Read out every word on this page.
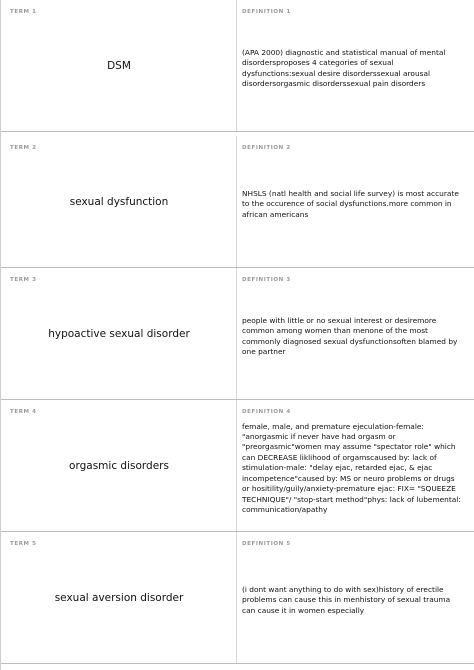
TERM 1	DEFINITION 1
DSM
(APA 2000) diagnostic and statistical manual of mental disordersproposes 4 categories of sexual dysfunctions:sexual desire disorderssexual arousal disordersorgasmic disorderssexual pain disorders
TERM 2	DEFINITION 2
sexual dysfunction
NHSLS (natl health and social life survey) is most accurate to the occurence of social dysfunctions.more common in african americans
TERM 3	DEFINITION 3
hypoactive sexual disorder
people with little or no sexual interest or desiremore common among women than menone of the most commonly diagnosed sexual dysfunctionsoften blamed by one partner
TERM 4	DEFINITION 4
orgasmic disorders
female, male, and premature ejeculation-female: "anorgasmic if never have had orgasm or "preorgasmic"women may assume "spectator role" which can DECREASE liklihood of orgamscaused by: lack of stimulation-male: "delay ejac, retarded ejac, & ejac incompetence"caused by: MS or neuro problems or drugs or hositility/guily/anxiety-premature ejac: FIX= "SQUEEZE TECHNIQUE"/ "stop-start method"phys: lack of lubemental: communication/apathy
TERM 5	DEFINITION 5
sexual aversion disorder
(i dont want anything to do with sex)history of erectile problems can cause this in menhistory of sexual trauma can cause it in women especially
